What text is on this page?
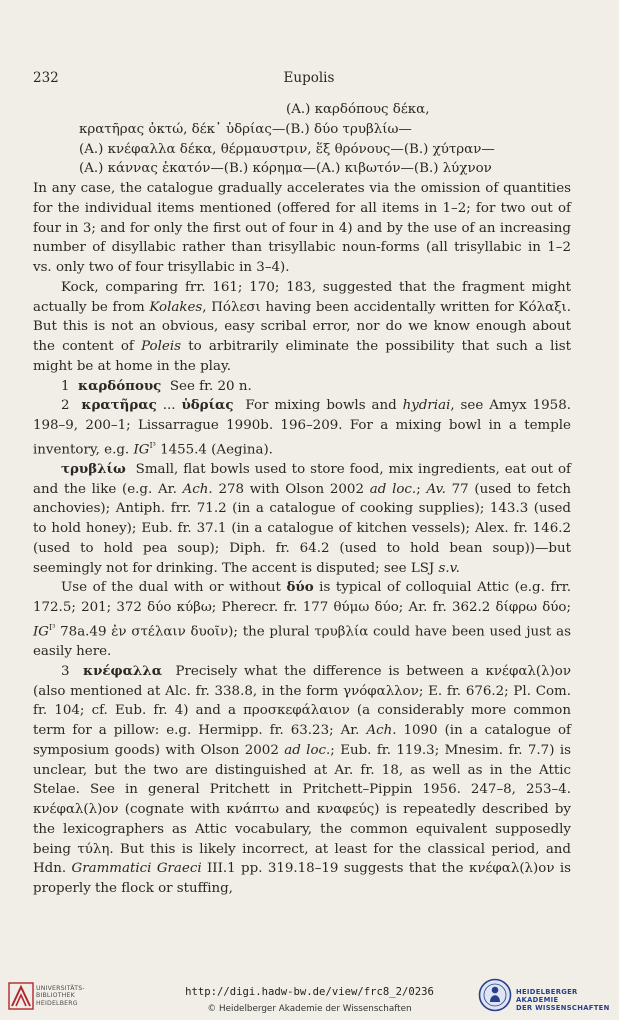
232	Eupolis

(A.) καρδόπους δέκα,

κρατῆρας ὀκτώ, δέκ᾽ ὑδρίας—(B.) δύο τρυβλίω—

(A.) κνέφαλλα δέκα, θέρμαυστριν, ἕξ θρόνους—(B.) χύτραν—

(A.) κάννας ἑκατόν—(B.) κόρημα—(A.) κιβωτόν—(B.) λύχνον

In any case, the catalogue gradually accelerates via the omission of quantities for the individual items mentioned (offered for all items in 1–2; for two out of four in 3; and for only the first out of four in 4) and by the use of an increasing number of disyllabic rather than trisyllabic noun-forms (all trisyllabic in 1–2 vs. only two of four trisyllabic in 3–4).

Kock, comparing frr. 161; 170; 183, suggested that the fragment might actually be from Kolakes, Πόλεσι having been accidentally written for Κόλαξι. But this is not an obvious, easy scribal error, nor do we know enough about the content of Poleis to arbitrarily eliminate the possibility that such a list might be at home in the play.

1 καρδόπους See fr. 20 n.

2 κρατῆρας ... ὑδρίας For mixing bowls and hydriai, see Amyx 1958. 198–9, 200–1; Lissarrague 1990b. 196–209. For a mixing bowl in a temple inventory, e.g. $IG^{I^3}$ 1455.4 (Aegina).

τρυβλίω Small, flat bowls used to store food, mix ingredients, eat out of and the like (e.g. Ar. Ach. 278 with Olson 2002 ad loc.; Av. 77 (used to fetch anchovies); Antiph. frr. 71.2 (in a catalogue of cooking supplies); 143.3 (used to hold honey); Eub. fr. 37.1 (in a catalogue of kitchen vessels); Alex. fr. 146.2 (used to hold pea soup); Diph. fr. 64.2 (used to hold bean soup))—but seemingly not for drinking. The accent is disputed; see LSJ s.v.

Use of the dual with or without δύο is typical of colloquial Attic (e.g. frr. 172.5; 201; 372 δύο κύβω; Pherecr. fr. 177 θύμω δύο; Ar. fr. 362.2 δίφρω δύο; $IG^{I^3}$ 78a.49 ἐν στέλαιν δυοῖν); the plural τρυβλία could have been used just as easily here.

3 κνέφαλλα Precisely what the difference is between a κνέφαλ(λ)ον (also mentioned at Alc. fr. 338.8, in the form γνόφαλλον; E. fr. 676.2; Pl. Com. fr. 104; cf. Eub. fr. 4) and a προσκεφάλαιον (a considerably more common term for a pillow: e.g. Hermipp. fr. 63.23; Ar. Ach. 1090 (in a catalogue of symposium goods) with Olson 2002 ad loc.; Eub. fr. 119.3; Mnesim. fr. 7.7) is unclear, but the two are distinguished at Ar. fr. 18, as well as in the Attic Stelae. See in general Pritchett in Pritchett–Pippin 1956. 247–8, 253–4. κνέφαλ(λ)ον (cognate with κνάπτω and κναφεύς) is repeatedly described by the lexicographers as Attic vocabulary, the common equivalent supposedly being τύλη. But this is likely incorrect, at least for the classical period, and Hdn. Grammatici Graeci III.1 pp. 319.18–19 suggests that the κνέφαλ(λ)ον is properly the flock or stuffing,

UNIVERSITÄTS-
BIBLIOTHEK
HEIDELBERG
http://digi.hadw-bw.de/view/frc8_2/0236
© Heidelberger Akademie der Wissenschaften
HEIDELBERGER AKADEMIE
DER WISSENSCHAFTEN
